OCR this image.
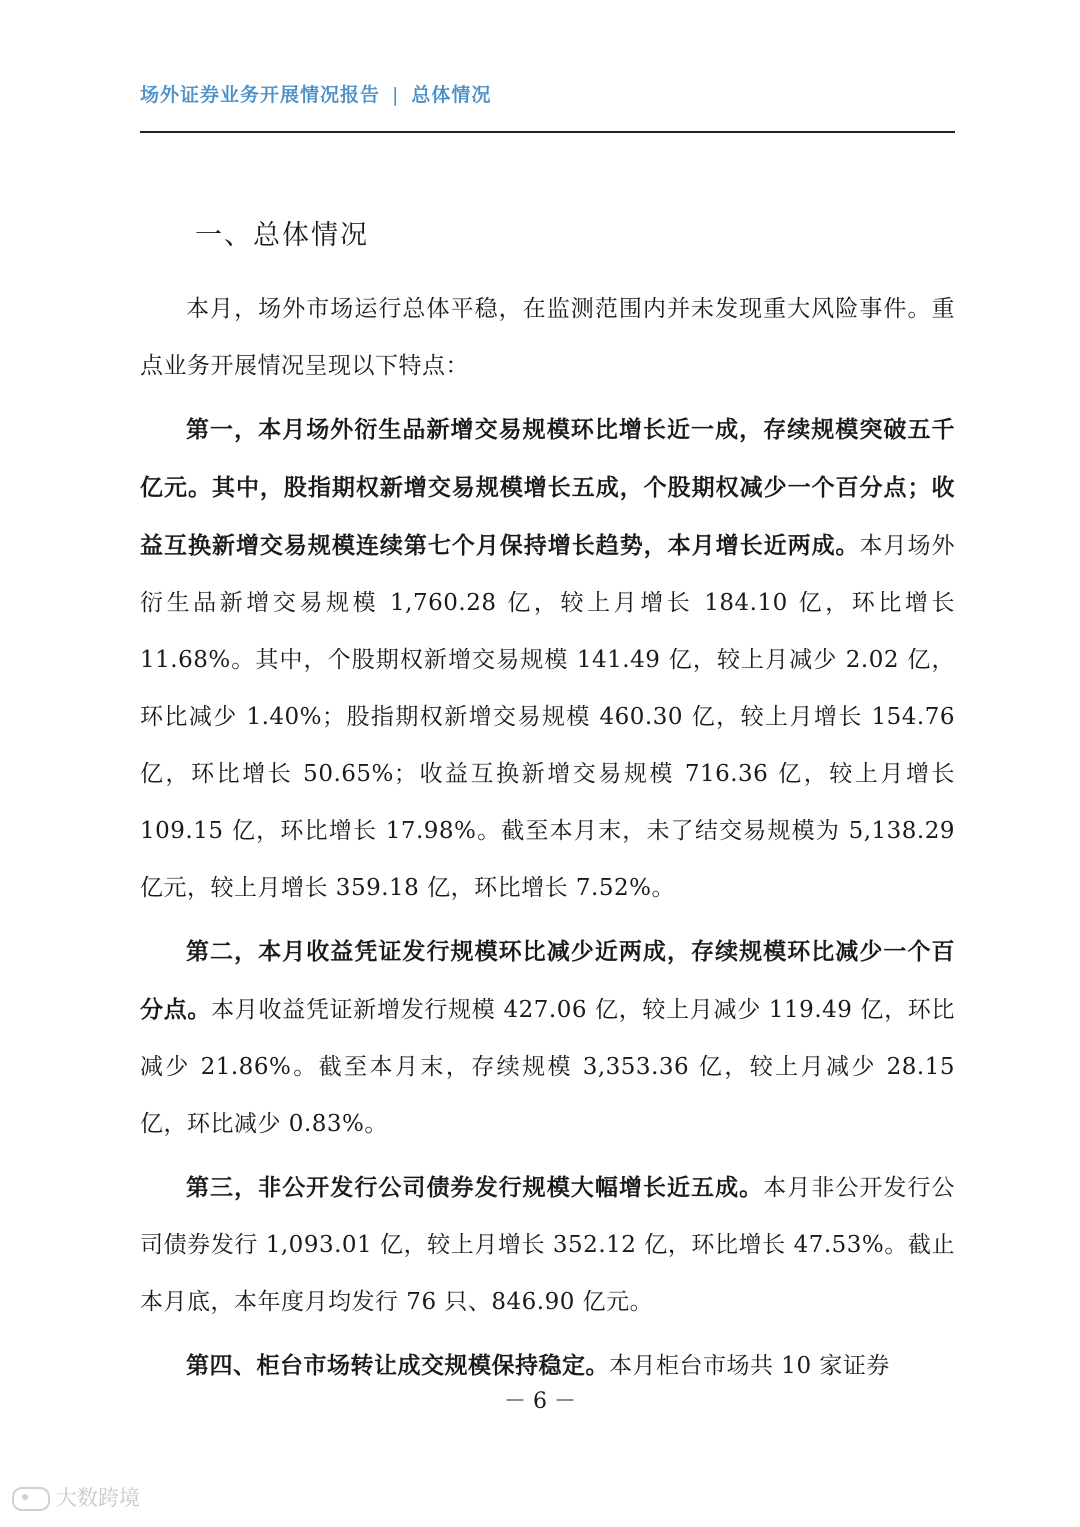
场外证券业务开展情况报告 | 总体情况
一、总体情况

本月，场外市场运行总体平稳，在监测范围内并未发现重大风险事件。重点业务开展情况呈现以下特点：

第一，本月场外衍生品新增交易规模环比增长近一成，存续规模突破五千亿元。其中，股指期权新增交易规模增长五成，个股期权减少一个百分点；收益互换新增交易规模连续第七个月保持增长趋势，本月增长近两成。本月场外衍生品新增交易规模 1,760.28 亿，较上月增长 184.10 亿，环比增长 11.68%。其中，个股期权新增交易规模 141.49 亿，较上月减少 2.02 亿，环比减少 1.40%；股指期权新增交易规模 460.30 亿，较上月增长 154.76 亿，环比增长 50.65%；收益互换新增交易规模 716.36 亿，较上月增长 109.15 亿，环比增长 17.98%。截至本月末，未了结交易规模为 5,138.29 亿元，较上月增长 359.18 亿，环比增长 7.52%。

第二，本月收益凭证发行规模环比减少近两成，存续规模环比减少一个百分点。本月收益凭证新增发行规模 427.06 亿，较上月减少 119.49 亿，环比减少 21.86%。截至本月末，存续规模 3,353.36 亿，较上月减少 28.15 亿，环比减少 0.83%。

第三，非公开发行公司债券发行规模大幅增长近五成。本月非公开发行公司债券发行 1,093.01 亿，较上月增长 352.12 亿，环比增长 47.53%。截止本月底，本年度月均发行 76 只、846.90 亿元。

第四、柜台市场转让成交规模保持稳定。本月柜台市场共 10 家证券

－ 6 －
大数跨境
